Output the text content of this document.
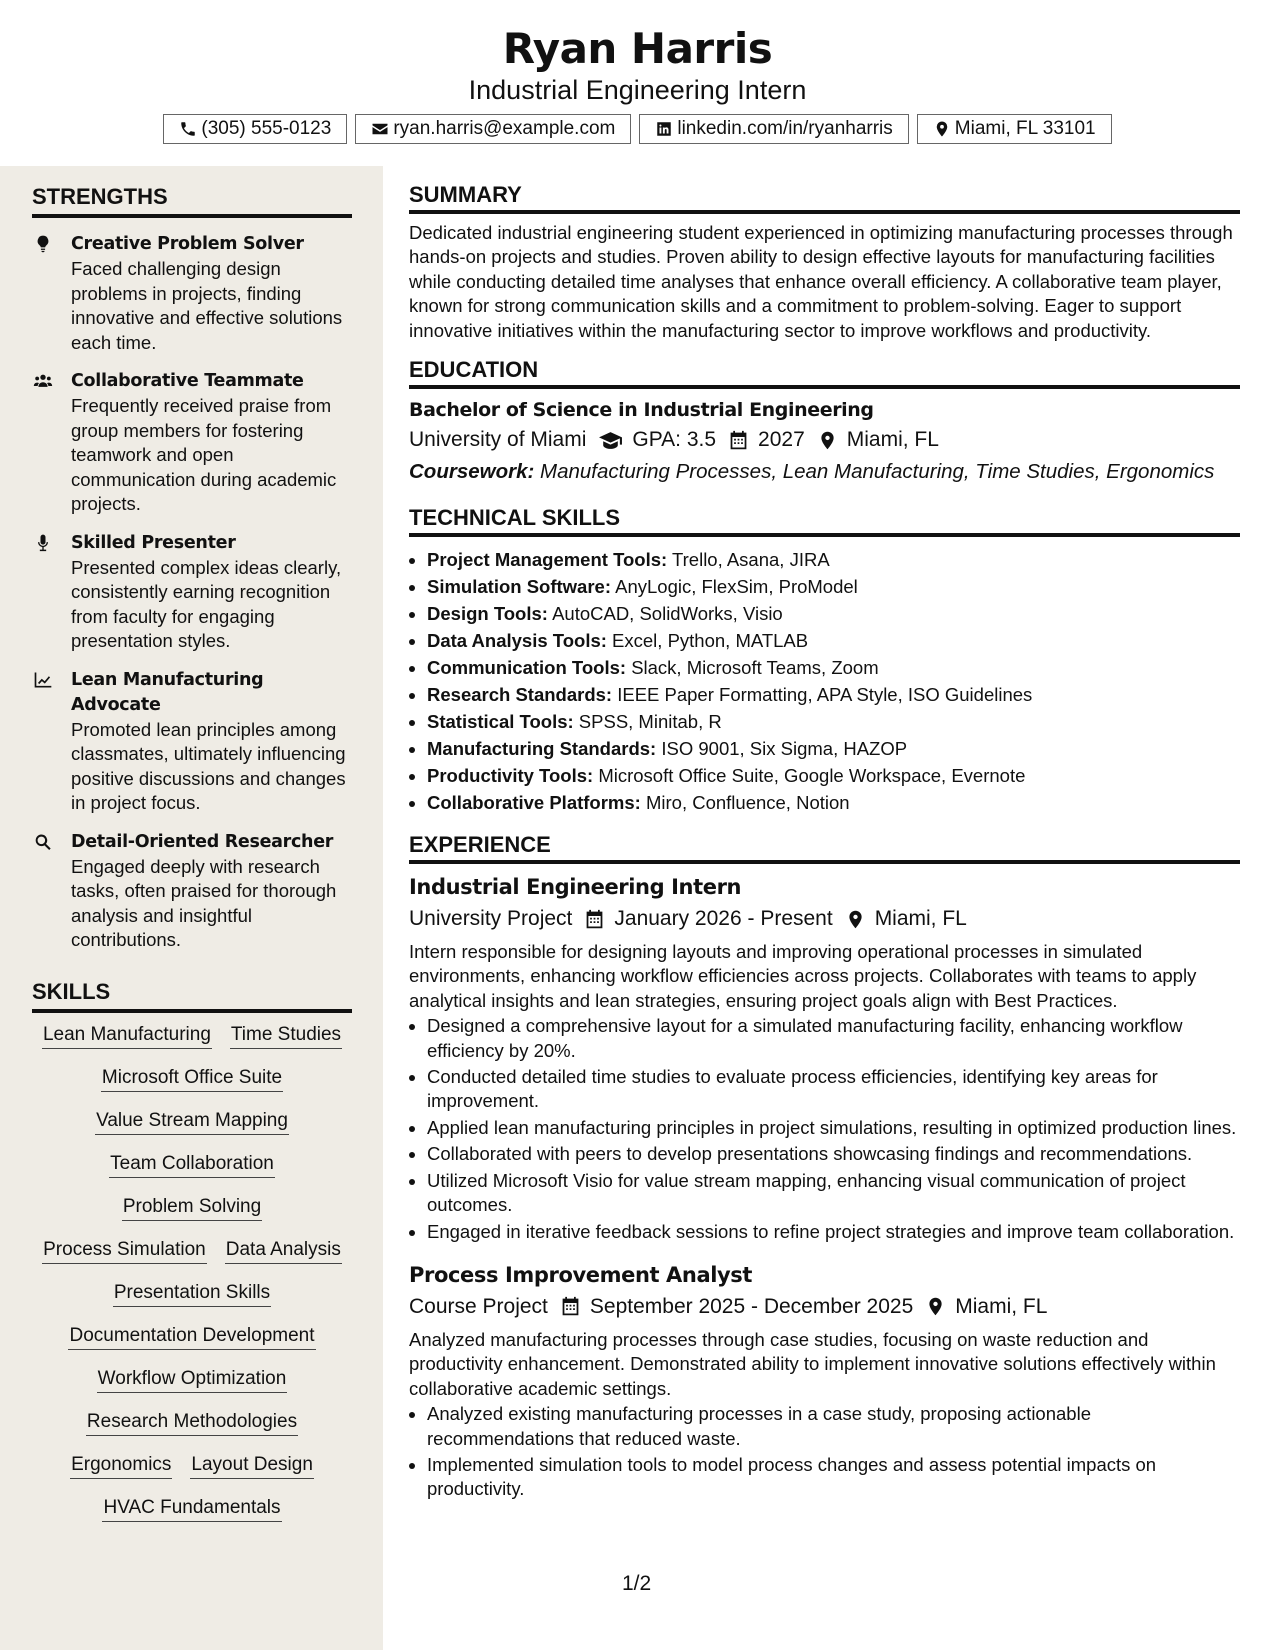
Ryan Harris
Industrial Engineering Intern
(305) 555-0123	ryan.harris@example.com	linkedin.com/in/ryanharris	Miami, FL 33101
STRENGTHS
Creative Problem Solver
Faced challenging design problems in projects, finding innovative and effective solutions each time.
Collaborative Teammate
Frequently received praise from group members for fostering teamwork and open communication during academic projects.
Skilled Presenter
Presented complex ideas clearly, consistently earning recognition from faculty for engaging presentation styles.
Lean Manufacturing Advocate
Promoted lean principles among classmates, ultimately influencing positive discussions and changes in project focus.
Detail-Oriented Researcher
Engaged deeply with research tasks, often praised for thorough analysis and insightful contributions.
SKILLS
Lean Manufacturing Time Studies
Microsoft Office Suite
Value Stream Mapping
Team Collaboration
Problem Solving
Process Simulation Data Analysis
Presentation Skills
Documentation Development
Workflow Optimization
Research Methodologies
Ergonomics Layout Design
HVAC Fundamentals
SUMMARY
Dedicated industrial engineering student experienced in optimizing manufacturing processes through hands-on projects and studies. Proven ability to design effective layouts for manufacturing facilities while conducting detailed time analyses that enhance overall efficiency. A collaborative team player, known for strong communication skills and a commitment to problem-solving. Eager to support innovative initiatives within the manufacturing sector to improve workflows and productivity.
EDUCATION
Bachelor of Science in Industrial Engineering
University of Miami GPA: 3.5 2027 Miami, FL
Coursework: Manufacturing Processes, Lean Manufacturing, Time Studies, Ergonomics
TECHNICAL SKILLS
• Project Management Tools: Trello, Asana, JIRA
• Simulation Software: AnyLogic, FlexSim, ProModel
• Design Tools: AutoCAD, SolidWorks, Visio
• Data Analysis Tools: Excel, Python, MATLAB
• Communication Tools: Slack, Microsoft Teams, Zoom
• Research Standards: IEEE Paper Formatting, APA Style, ISO Guidelines
• Statistical Tools: SPSS, Minitab, R
• Manufacturing Standards: ISO 9001, Six Sigma, HAZOP
• Productivity Tools: Microsoft Office Suite, Google Workspace, Evernote
• Collaborative Platforms: Miro, Confluence, Notion
EXPERIENCE
Industrial Engineering Intern
University Project January 2026 - Present Miami, FL
Intern responsible for designing layouts and improving operational processes in simulated environments, enhancing workflow efficiencies across projects. Collaborates with teams to apply analytical insights and lean strategies, ensuring project goals align with Best Practices.
• Designed a comprehensive layout for a simulated manufacturing facility, enhancing workflow efficiency by 20%.
• Conducted detailed time studies to evaluate process efficiencies, identifying key areas for improvement.
• Applied lean manufacturing principles in project simulations, resulting in optimized production lines.
• Collaborated with peers to develop presentations showcasing findings and recommendations.
• Utilized Microsoft Visio for value stream mapping, enhancing visual communication of project outcomes.
• Engaged in iterative feedback sessions to refine project strategies and improve team collaboration.
Process Improvement Analyst
Course Project September 2025 - December 2025 Miami, FL
Analyzed manufacturing processes through case studies, focusing on waste reduction and productivity enhancement. Demonstrated ability to implement innovative solutions effectively within collaborative academic settings.
• Analyzed existing manufacturing processes in a case study, proposing actionable recommendations that reduced waste.
• Implemented simulation tools to model process changes and assess potential impacts on productivity.
1/2
